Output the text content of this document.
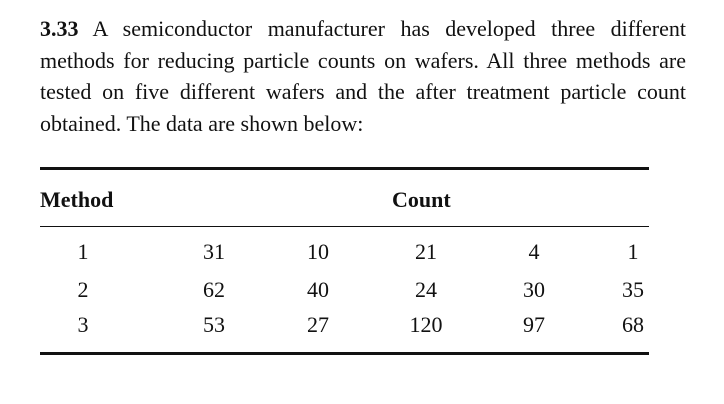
3.33 A semiconductor manufacturer has developed three different methods for reducing particle counts on wafers. All three methods are tested on five different wafers and the after treatment particle count obtained. The data are shown below:

Method	Count
1	31	10	21	4	1
2	62	40	24	30	35
3	53	27	120	97	68
